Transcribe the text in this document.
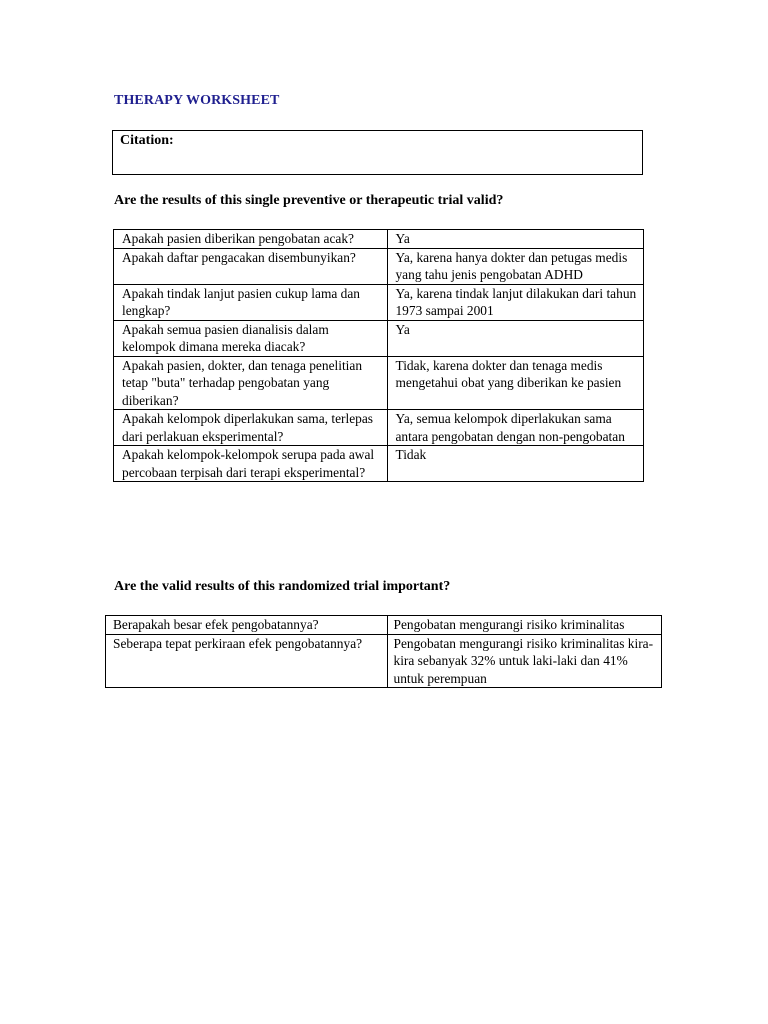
THERAPY WORKSHEET
Citation:
Are the results of this single preventive or therapeutic trial valid?
Apakah pasien diberikan pengobatan acak?	Ya
Apakah daftar pengacakan disembunyikan?	Ya, karena hanya dokter dan petugas medis yang tahu jenis pengobatan ADHD
Apakah tindak lanjut pasien cukup lama dan lengkap?	Ya, karena tindak lanjut dilakukan dari tahun 1973 sampai 2001
Apakah semua pasien dianalisis dalam kelompok dimana mereka diacak?	Ya
Apakah pasien, dokter, dan tenaga penelitian tetap "buta" terhadap pengobatan yang diberikan?	Tidak, karena dokter dan tenaga medis mengetahui obat yang diberikan ke pasien
Apakah kelompok diperlakukan sama, terlepas dari perlakuan eksperimental?	Ya, semua kelompok diperlakukan sama antara pengobatan dengan non-pengobatan
Apakah kelompok-kelompok serupa pada awal percobaan terpisah dari terapi eksperimental?	Tidak
Are the valid results of this randomized trial important?
Berapakah besar efek pengobatannya?	Pengobatan mengurangi risiko kriminalitas
Seberapa tepat perkiraan efek pengobatannya?	Pengobatan mengurangi risiko kriminalitas kira-kira sebanyak 32% untuk laki-laki dan 41% untuk perempuan
